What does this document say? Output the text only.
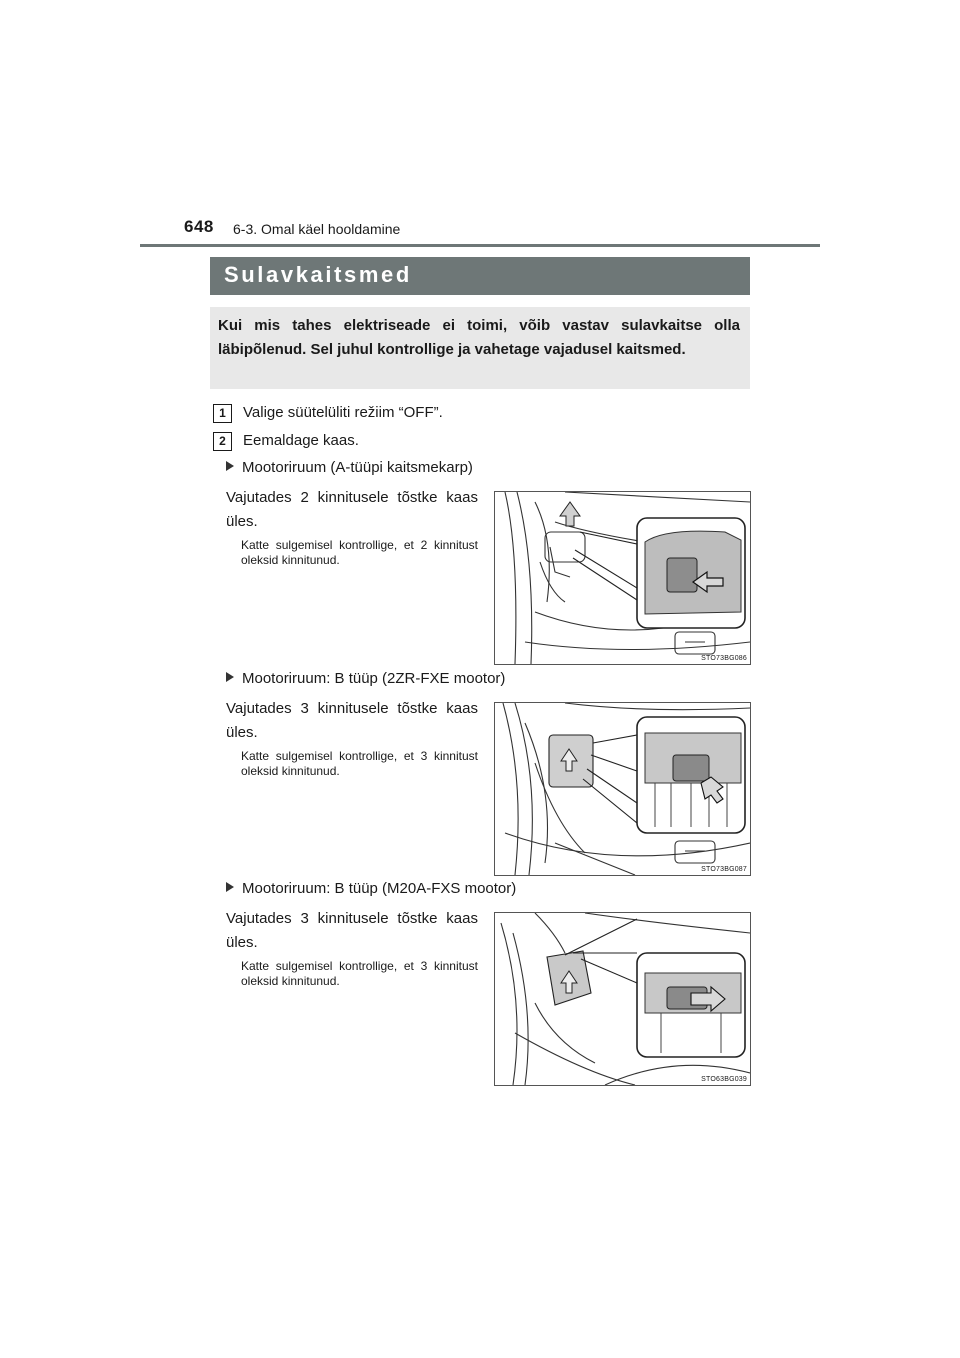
648 6-3. Omal käel hooldamine
Sulavkaitsmed
Kui mis tahes elektriseade ei toimi, võib vastav sulavkaitse olla läbipõlenud. Sel juhul kontrollige ja vahetage vajadusel kaitsmed.
1	Valige süütelüliti režiim “OFF”.
2	Eemaldage kaas.
Mootoriruum (A-tüüpi kaitsmekarp)
Vajutades 2 kinnitusele tõstke kaas üles.
Katte sulgemisel kontrollige, et 2 kinnitust oleksid kinnitunud.
STO73BG086
Mootoriruum: B tüüp (2ZR-FXE mootor)
Vajutades 3 kinnitusele tõstke kaas üles.
Katte sulgemisel kontrollige, et 3 kinnitust oleksid kinnitunud.
STO73BG087
Mootoriruum: B tüüp (M20A-FXS mootor)
Vajutades 3 kinnitusele tõstke kaas üles.
Katte sulgemisel kontrollige, et 3 kinnitust oleksid kinnitunud.
STO63BG039
